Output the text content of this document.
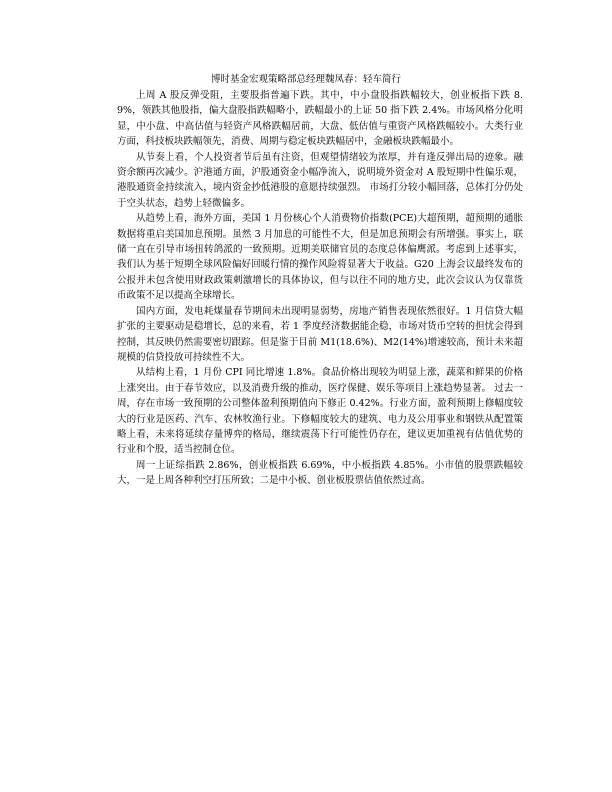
博时基金宏观策略部总经理魏凤春：轻车简行

上周 A 股反弹受阻，主要股指普遍下跌。其中，中小盘股指跌幅较大，创业板指下跌 8.9%，领跌其他股指，偏大盘股指跌幅略小，跌幅最小的上证 50 指下跌 2.4%。市场风格分化明显，中小盘、中高估值与轻资产风格跌幅居前，大盘、低估值与重资产风格跌幅较小。大类行业方面，科技板块跌幅领先，消费、周期与稳定板块跌幅居中，金融板块跌幅最小。

从节奏上看，个人投资者节后虽有注资，但观望情绪较为浓厚，并有逢反弹出局的迹象。融资余额再次减少。沪港通方面，沪股通资金小幅净流入，说明境外资金对 A 股短期中性偏乐观，港股通资金持续流入，境内资金抄低港股的意愿持续强烈。 市场打分较小幅回落，总体打分仍处于空头状态，趋势上轻微偏多。

从趋势上看，海外方面，美国 1 月份核心个人消费物价指数(PCE)大超预期，超预期的通胀数据将重启美国加息预期。虽然 3 月加息的可能性不大，但是加息预期会有所增强。事实上，联储一直在引导市场扭转鸽派的一致预期。近期美联储官员的态度总体偏鹰派。考虑到上述事实，我们认为基于短期全球风险偏好回暖行情的操作风险将显著大于收益。G20 上海会议最终发布的公报并未包含使用财政政策刺激增长的具体协议，但与以往不同的地方史，此次会议认为仅靠货币政策不足以提高全球增长。

国内方面，发电耗煤量春节期间未出现明显弱势，房地产销售表现依然很好。1 月信贷大幅扩张的主要驱动是稳增长，总的来看，若 1 季度经济数据能企稳，市场对货币空转的担忧会得到控制，其反映仍然需要密切跟踪。但是鉴于目前 M1(18.6%)、M2(14%)增速较高，预计未来超规模的信贷投放可持续性不大。

从结构上看，1 月份 CPI 同比增速 1.8%。食品价格出现较为明显上涨，蔬菜和鲜果的价格上涨突出。由于春节效应，以及消费升级的推动，医疗保健、娱乐等项目上涨趋势显著。 过去一周，存在市场一致预期的公司整体盈利预期值向下修正 0.42%。行业方面，盈利预期上修幅度较大的行业是医药、汽车、农林牧渔行业。下修幅度较大的建筑、电力及公用事业和钢铁从配置策略上看，未来将延续存量博弈的格局，继续震荡下行可能性仍存在，建议更加重视有估值优势的行业和个股，适当控制仓位。

周一上证综指跌 2.86%，创业板指跌 6.69%，中小板指跌 4.85%。小市值的股票跌幅较大，一是上周各种利空打压所致；二是中小板、创业板股票估值依然过高。
